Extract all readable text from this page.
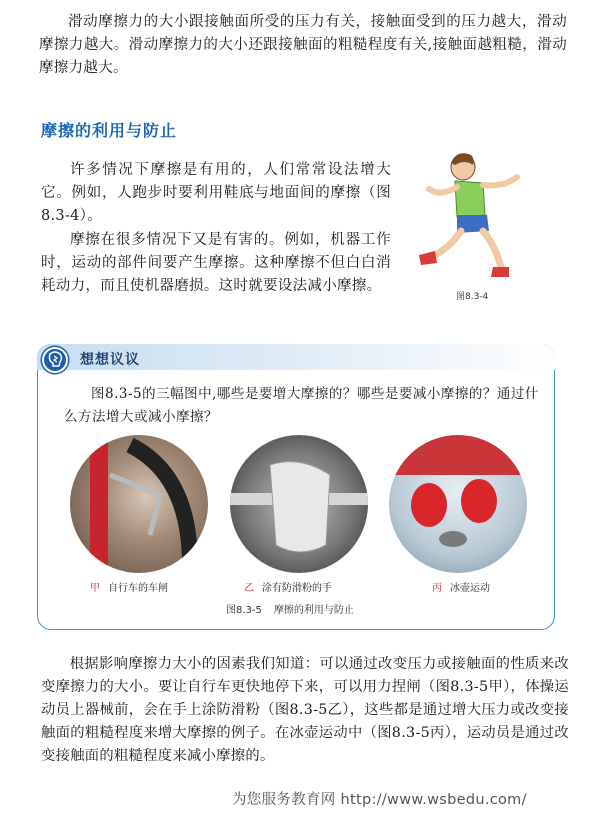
滑动摩擦力的大小跟接触面所受的压力有关，接触面受到的压力越大，滑动摩擦力越大。滑动摩擦力的大小还跟接触面的粗糙程度有关,接触面越粗糙，滑动摩擦力越大。

摩擦的利用与防止

许多情况下摩擦是有用的，人们常常设法增大它。例如，人跑步时要利用鞋底与地面间的摩擦（图8.3-4）。

摩擦在很多情况下又是有害的。例如，机器工作时，运动的部件间要产生摩擦。这种摩擦不但白白消耗动力，而且使机器磨损。这时就要设法减小摩擦。

图8.3-4
想想议议

图8.3-5的三幅图中,哪些是要增大摩擦的？哪些是要减小摩擦的？通过什么方法增大或减小摩擦？

甲 自行车的车闸	乙 涂有防滑粉的手	丙 冰壶运动
图8.3-5 摩擦的利用与防止

根据影响摩擦力大小的因素我们知道：可以通过改变压力或接触面的性质来改变摩擦力的大小。要让自行车更快地停下来，可以用力捏闸（图8.3-5甲），体操运动员上器械前，会在手上涂防滑粉（图8.3-5乙），这些都是通过增大压力或改变接触面的粗糙程度来增大摩擦的例子。在冰壶运动中（图8.3-5丙），运动员是通过改变接触面的粗糙程度来减小摩擦的。

为您服务教育网 http://www.wsbedu.com/
